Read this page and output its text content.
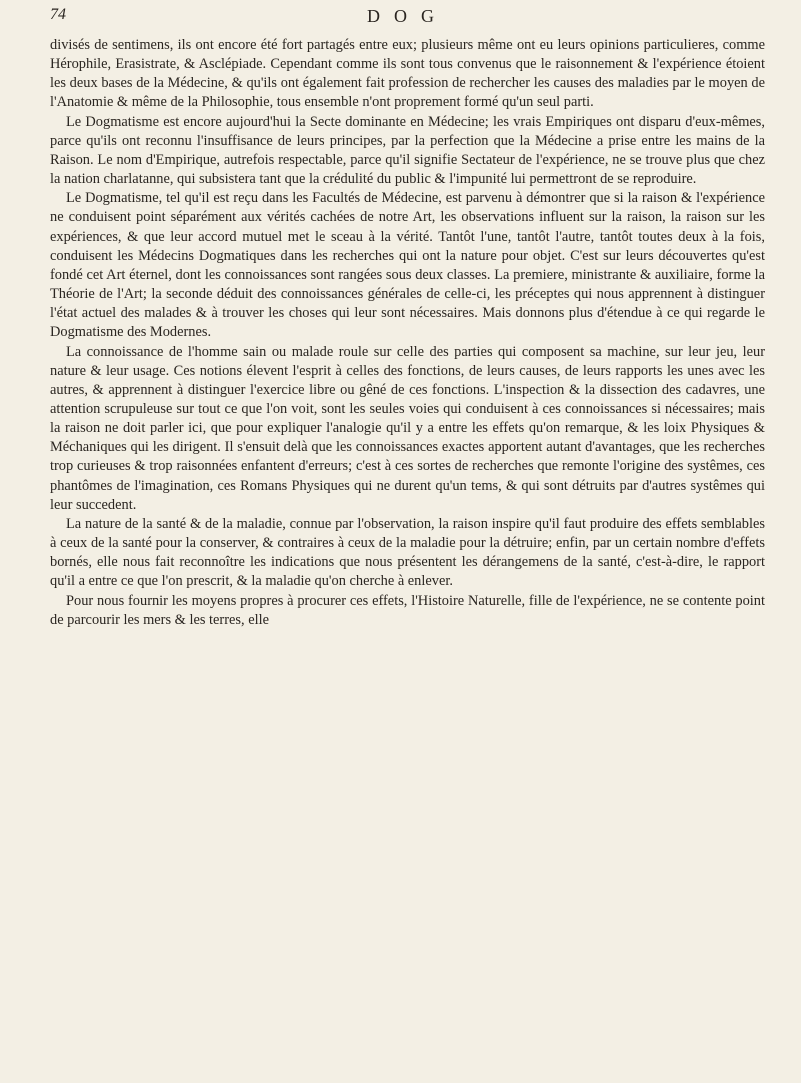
74	DOG

divisés de sentimens, ils ont encore été fort partagés entre eux; plusieurs même ont eu leurs opinions particulieres, comme Hérophile, Erasistrate, & Asclépiade. Cependant comme ils sont tous convenus que le raisonnement & l'expérience étoient les deux bases de la Médecine, & qu'ils ont également fait profession de rechercher les causes des maladies par le moyen de l'Anatomie & même de la Philosophie, tous ensemble n'ont proprement formé qu'un seul parti.

Le Dogmatisme est encore aujourd'hui la Secte dominante en Médecine; les vrais Empiriques ont disparu d'eux-mêmes, parce qu'ils ont reconnu l'insuffisance de leurs principes, par la perfection que la Médecine a prise entre les mains de la Raison. Le nom d'Empirique, autrefois respectable, parce qu'il signifie Sectateur de l'expérience, ne se trouve plus que chez la nation charlatanne, qui subsistera tant que la crédulité du public & l'impunité lui permettront de se reproduire.

Le Dogmatisme, tel qu'il est reçu dans les Facultés de Médecine, est parvenu à démontrer que si la raison & l'expérience ne conduisent point séparément aux vérités cachées de notre Art, les observations influent sur la raison, la raison sur les expériences, & que leur accord mutuel met le sceau à la vérité. Tantôt l'une, tantôt l'autre, tantôt toutes deux à la fois, conduisent les Médecins Dogmatiques dans les recherches qui ont la nature pour objet. C'est sur leurs découvertes qu'est fondé cet Art éternel, dont les connoissances sont rangées sous deux classes. La premiere, ministrante & auxiliaire, forme la Théorie de l'Art; la seconde déduit des connoissances générales de celle-ci, les préceptes qui nous apprennent à distinguer l'état actuel des malades & à trouver les choses qui leur sont nécessaires. Mais donnons plus d'étendue à ce qui regarde le Dogmatisme des Modernes.

La connoissance de l'homme sain ou malade roule sur celle des parties qui composent sa machine, sur leur jeu, leur nature & leur usage. Ces notions élevent l'esprit à celles des fonctions, de leurs causes, de leurs rapports les unes avec les autres, & apprennent à distinguer l'exercice libre ou gêné de ces fonctions. L'inspection & la dissection des cadavres, une attention scrupuleuse sur tout ce que l'on voit, sont les seules voies qui conduisent à ces connoissances si nécessaires; mais la raison ne doit parler ici, que pour expliquer l'analogie qu'il y a entre les effets qu'on remarque, & les loix Physiques & Méchaniques qui les dirigent. Il s'ensuit delà que les connoissances exactes apportent autant d'avantages, que les recherches trop curieuses & trop raisonnées enfantent d'erreurs; c'est à ces sortes de recherches que remonte l'origine des systêmes, ces phantômes de l'imagination, ces Romans Physiques qui ne durent qu'un tems, & qui sont détruits par d'autres systêmes qui leur succedent.

La nature de la santé & de la maladie, connue par l'observation, la raison inspire qu'il faut produire des effets semblables à ceux de la santé pour la conserver, & contraires à ceux de la maladie pour la détruire; enfin, par un certain nombre d'effets bornés, elle nous fait reconnoître les indications que nous présentent les dérangemens de la santé, c'est-à-dire, le rapport qu'il a entre ce que l'on prescrit, & la maladie qu'on cherche à enlever.

Pour nous fournir les moyens propres à procurer ces effets, l'Histoire Naturelle, fille de l'expérience, ne se contente point de parcourir les mers & les terres, elle
